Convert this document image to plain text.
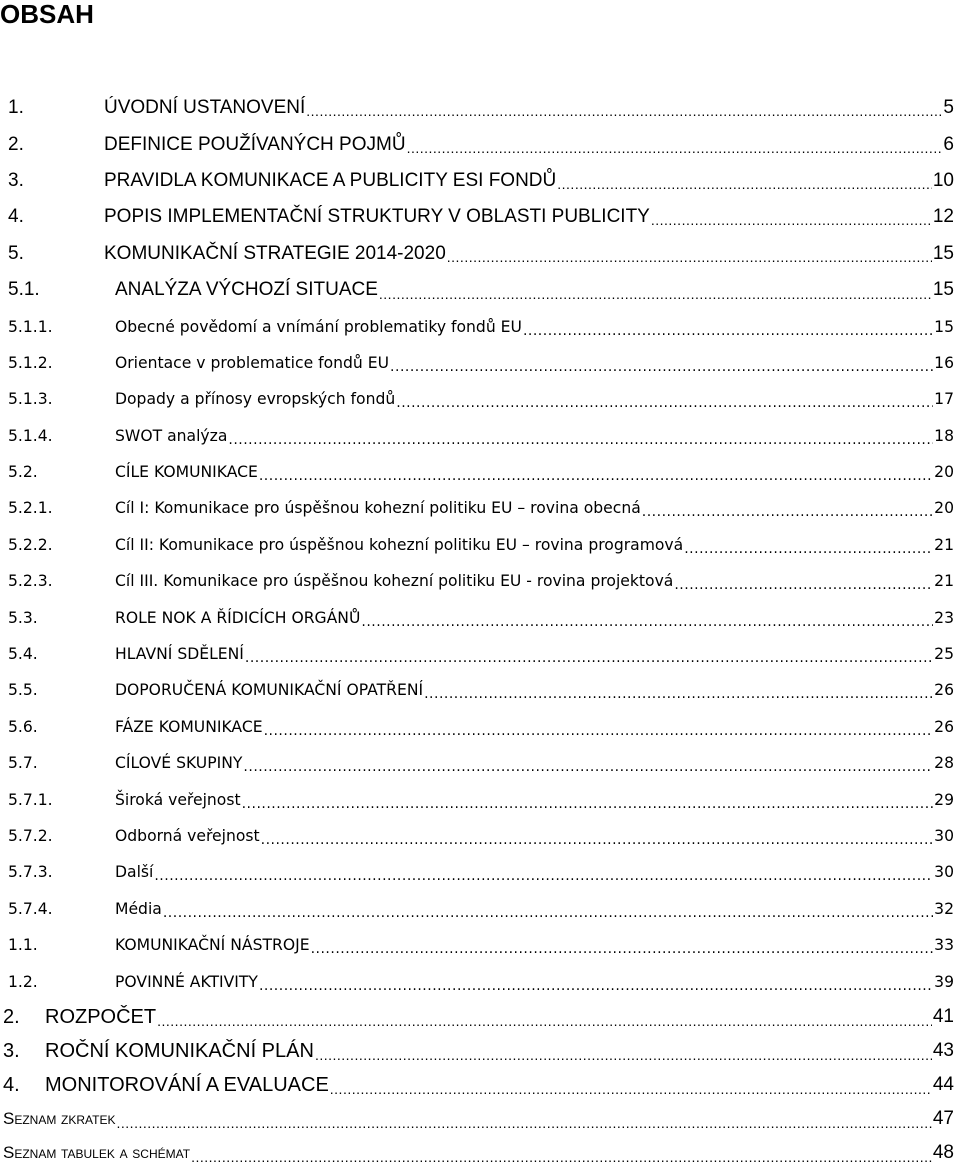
OBSAH
1.	ÚVODNÍ USTANOVENÍ .....	5
2.	DEFINICE POUŽÍVANÝCH POJMŮ .....	6
3.	PRAVIDLA KOMUNIKACE A PUBLICITY ESI FONDŮ .....	10
4.	POPIS IMPLEMENTAČNÍ STRUKTURY V OBLASTI PUBLICITY .....	12
5.	KOMUNIKAČNÍ STRATEGIE 2014-2020 .....	15
5.1.	ANALÝZA VÝCHOZÍ SITUACE .....	15
5.1.1.	Obecné povědomí a vnímání problematiky fondů EU .....	15
5.1.2.	Orientace v problematice fondů EU .....	16
5.1.3.	Dopady a přínosy evropských fondů .....	17
5.1.4.	SWOT analýza .....	18
5.2.	CÍLE KOMUNIKACE .....	20
5.2.1.	Cíl I: Komunikace pro úspěšnou kohezní politiku EU – rovina obecná .....	20
5.2.2.	Cíl II: Komunikace pro úspěšnou kohezní politiku EU – rovina programová .....	21
5.2.3.	Cíl III. Komunikace pro úspěšnou kohezní politiku EU - rovina projektová .....	21
5.3.	ROLE NOK A ŘÍDICÍCH ORGÁNŮ .....	23
5.4.	HLAVNÍ SDĚLENÍ .....	25
5.5.	DOPORUČENÁ KOMUNIKAČNÍ OPATŘENÍ .....	26
5.6.	FÁZE KOMUNIKACE .....	26
5.7.	CÍLOVÉ SKUPINY .....	28
5.7.1.	Široká veřejnost .....	29
5.7.2.	Odborná veřejnost .....	30
5.7.3.	Další .....	30
5.7.4.	Média .....	32
1.1.	KOMUNIKAČNÍ NÁSTROJE .....	33
1.2.	POVINNÉ AKTIVITY .....	39
2.	ROZPOČET .....	41
3.	ROČNÍ KOMUNIKAČNÍ PLÁN .....	43
4.	MONITOROVÁNÍ A EVALUACE .....	44
Seznam zkratek .....	47
Seznam tabulek a schémat .....	48
